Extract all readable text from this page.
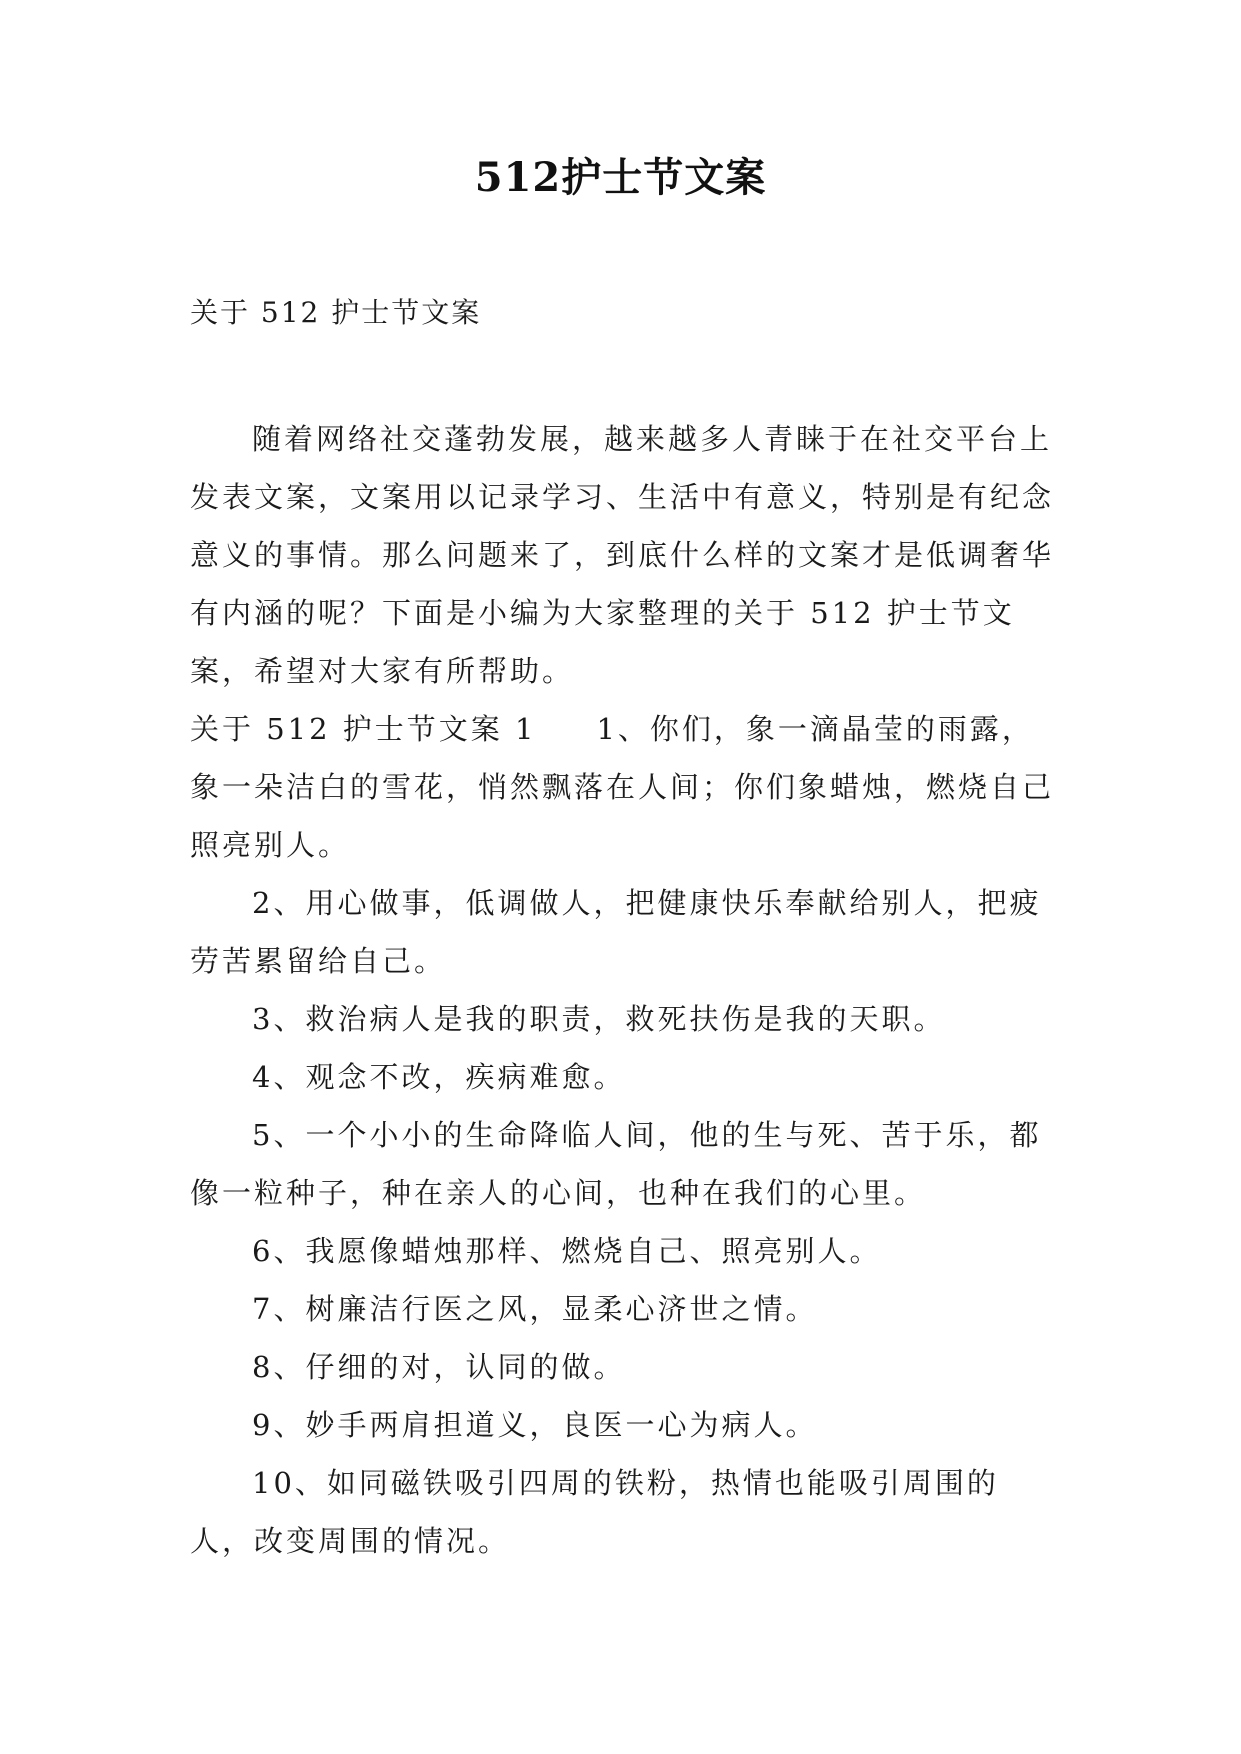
512护士节文案
关于 512 护士节文案

随着网络社交蓬勃发展，越来越多人青睐于在社交平台上发表文案，文案用以记录学习、生活中有意义，特别是有纪念意义的事情。那么问题来了，到底什么样的文案才是低调奢华有内涵的呢？下面是小编为大家整理的关于 512 护士节文案，希望对大家有所帮助。

关于 512 护士节文案 1 1、你们，象一滴晶莹的雨露，象一朵洁白的雪花，悄然飘落在人间；你们象蜡烛，燃烧自己照亮别人。

2、用心做事，低调做人，把健康快乐奉献给别人，把疲劳苦累留给自己。

3、救治病人是我的职责，救死扶伤是我的天职。

4、观念不改，疾病难愈。

5、一个小小的生命降临人间，他的生与死、苦于乐，都像一粒种子，种在亲人的心间，也种在我们的心里。

6、我愿像蜡烛那样、燃烧自己、照亮别人。

7、树廉洁行医之风，显柔心济世之情。

8、仔细的对，认同的做。

9、妙手两肩担道义，良医一心为病人。

10、如同磁铁吸引四周的铁粉，热情也能吸引周围的人，改变周围的情况。
